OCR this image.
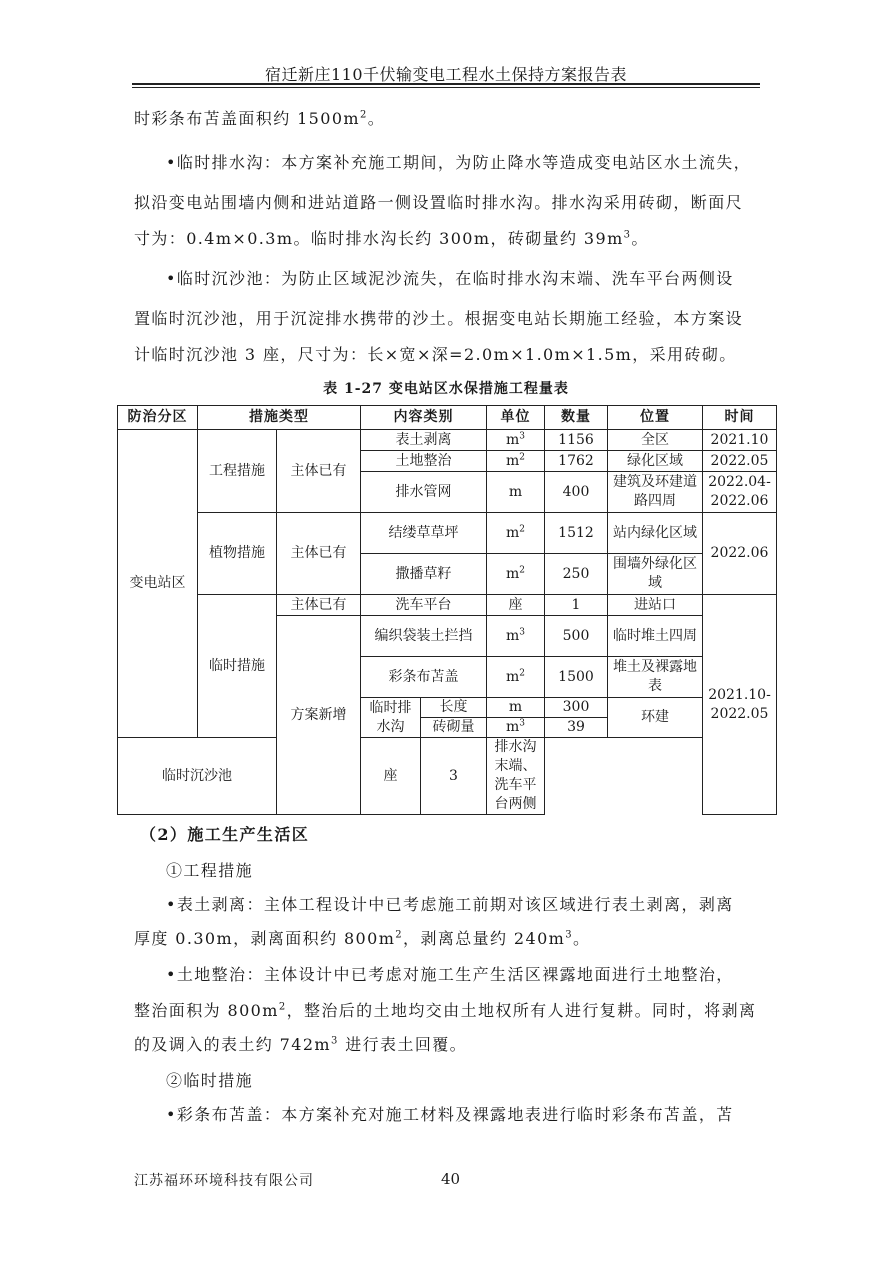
宿迁新庄110千伏输变电工程水土保持方案报告表
时彩条布苫盖面积约 $1500m^2$。
•临时排水沟：本方案补充施工期间，为防止降水等造成变电站区水土流失，
拟沿变电站围墙内侧和进站道路一侧设置临时排水沟。排水沟采用砖砌，断面尺
寸为：0.4m×0.3m。临时排水沟长约 300m，砖砌量约 $39m^3$。
•临时沉沙池：为防止区域泥沙流失，在临时排水沟末端、洗车平台两侧设
置临时沉沙池，用于沉淀排水携带的沙土。根据变电站长期施工经验，本方案设
计临时沉沙池 3 座，尺寸为：长×宽×深=2.0m×1.0m×1.5m，采用砖砌。
表 1-27 变电站区水保措施工程量表
防治分区	措施类型		内容类别		单位	数量	位置	时间
变电站区	工程措施	主体已有	表土剥离		$m^3$	1156	全区	2021.10
			土地整治		$m^2$	1762	绿化区域	2022.05
			排水管网		m	400	建筑及环建道路四周	2022.04-2022.06
	植物措施	主体已有	结缕草草坪		$m^2$	1512	站内绿化区域	2022.06
			撒播草籽		$m^2$	250	围墙外绿化区域	
	临时措施	主体已有	洗车平台		座	1	进站口	2021.10-2022.05
		方案新增	编织袋装土拦挡		$m^3$	500	临时堆土四周	
			彩条布苫盖		$m^2$	1500	堆土及裸露地表	
			临时排水沟	长度	m	300	环建	
				砖砌量	$m^3$	39		
临时沉沙池			座	3	排水沟末端、洗车平台两侧			
（2）施工生产生活区
①工程措施
•表土剥离：主体工程设计中已考虑施工前期对该区域进行表土剥离，剥离
厚度 0.30m，剥离面积约 $800m^2$，剥离总量约 $240m^3$。
•土地整治：主体设计中已考虑对施工生产生活区裸露地面进行土地整治，
整治面积为 $800m^2$，整治后的土地均交由土地权所有人进行复耕。同时，将剥离
的及调入的表土约 $742m^3$ 进行表土回覆。
②临时措施
•彩条布苫盖：本方案补充对施工材料及裸露地表进行临时彩条布苫盖，苫
江苏福环环境科技有限公司	40
